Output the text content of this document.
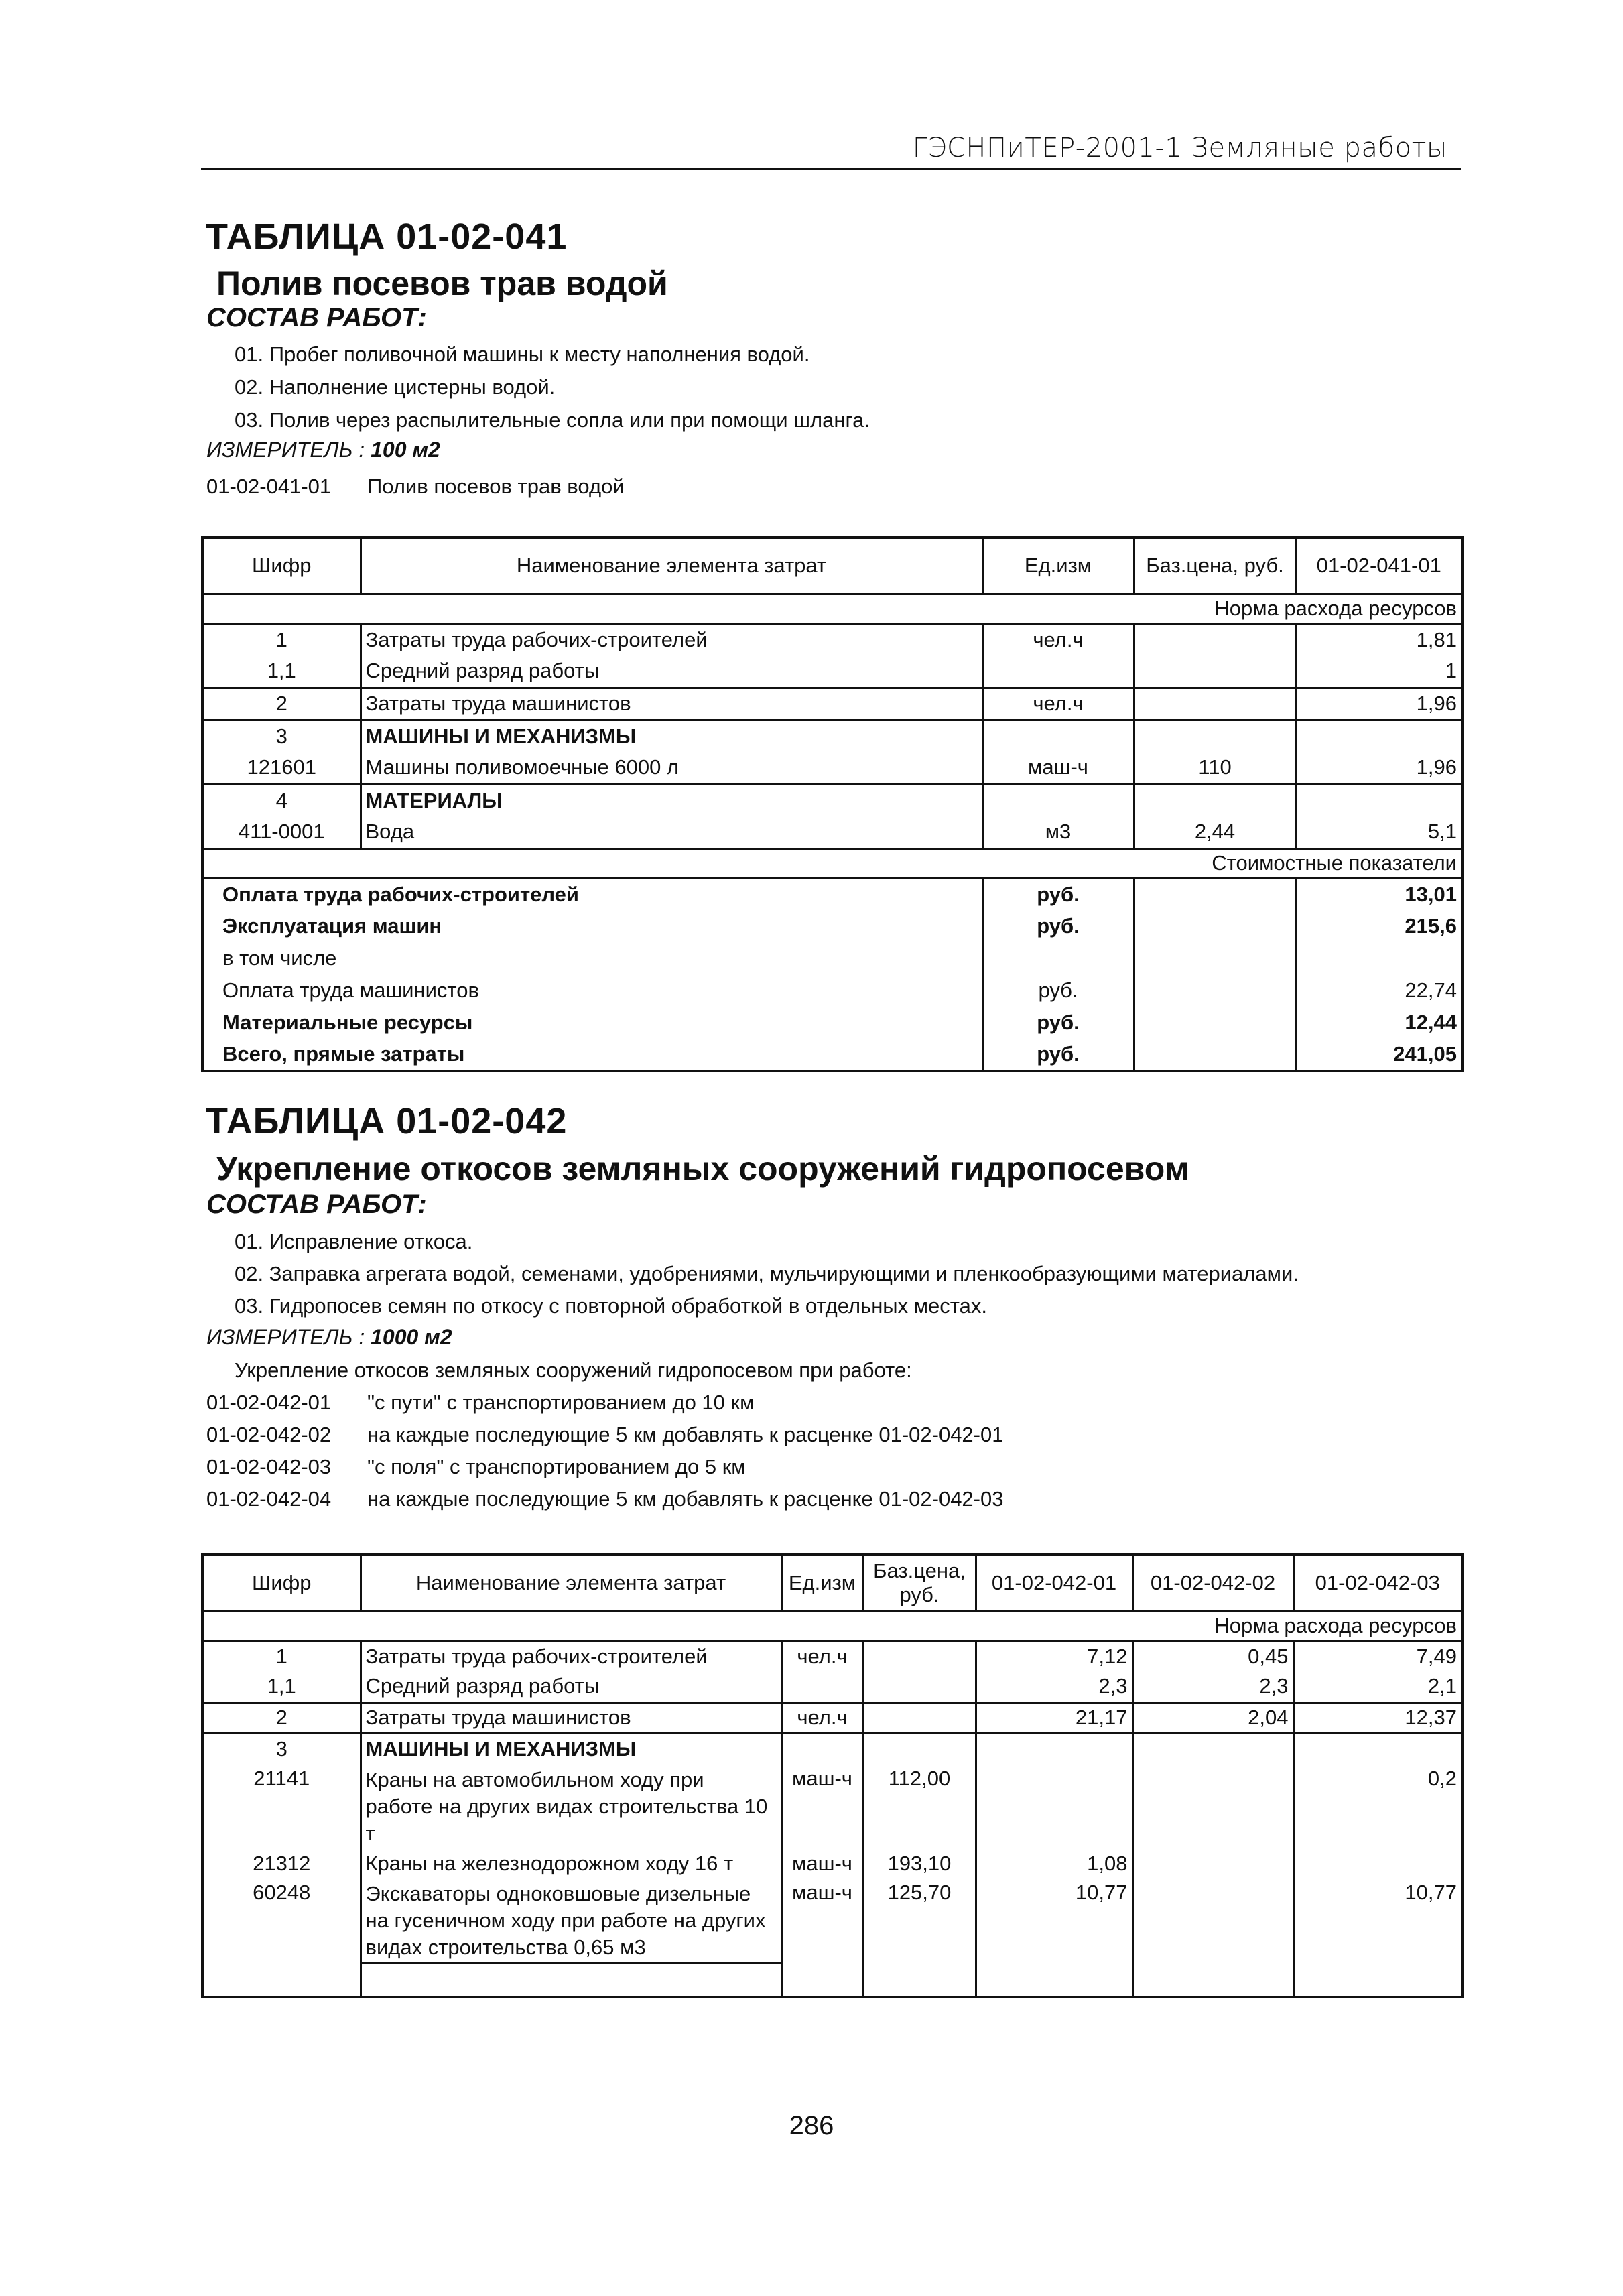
ГЭСНПиТЕР-2001-1 Земляные работы
ТАБЛИЦА 01-02-041
Полив посевов трав водой
СОСТАВ РАБОТ:
01. Пробег поливочной машины к месту наполнения водой.
02. Наполнение цистерны водой.
03. Полив через распылительные сопла или при помощи шланга.
ИЗМЕРИТЕЛЬ : 100 м2
01-02-041-01 Полив посевов трав водой
Шифр	Наименование элемента затрат	Ед.изм	Баз.цена, руб.	01-02-041-01
Норма расхода ресурсов				
1	Затраты труда рабочих-строителей	чел.ч		1,81
1,1	Средний разряд работы			1
2	Затраты труда машинистов	чел.ч		1,96
3	МАШИНЫ И МЕХАНИЗМЫ			
121601	Машины поливомоечные 6000 л	маш-ч	110	1,96
4	МАТЕРИАЛЫ			
411-0001	Вода	м3	2,44	5,1
Стоимостные показатели				
Оплата труда рабочих-строителей		руб.		13,01
Эксплуатация машин		руб.		215,6
в том числе				
Оплата труда машинистов		руб.		22,74
Материальные ресурсы		руб.		12,44
Всего, прямые затраты		руб.		241,05
ТАБЛИЦА 01-02-042
Укрепление откосов земляных сооружений гидропосевом
СОСТАВ РАБОТ:
01. Исправление откоса.
02. Заправка агрегата водой, семенами, удобрениями, мульчирующими и пленкообразующими материалами.
03. Гидропосев семян по откосу с повторной обработкой в отдельных местах.
ИЗМЕРИТЕЛЬ : 1000 м2
Укрепление откосов земляных сооружений гидропосевом при работе:
01-02-042-01 "с пути" с транспортированием до 10 км
01-02-042-02 на каждые последующие 5 км добавлять к расценке 01-02-042-01
01-02-042-03 "с поля" с транспортированием до 5 км
01-02-042-04 на каждые последующие 5 км добавлять к расценке 01-02-042-03
Шифр	Наименование элемента затрат	Ед.изм	Баз.цена,
руб.	01-02-042-01	01-02-042-02	01-02-042-03
Норма расхода ресурсов						
1	Затраты труда рабочих-строителей	чел.ч		7,12	0,45	7,49
1,1	Средний разряд работы			2,3	2,3	2,1
2	Затраты труда машинистов	чел.ч		21,17	2,04	12,37
3	МАШИНЫ И МЕХАНИЗМЫ					
21141	Краны на автомобильном ходу при работе на других видах строительства 10 т	маш-ч	112,00			0,2
21312	Краны на железнодорожном ходу 16 т	маш-ч	193,10	1,08		
60248	Экскаваторы одноковшовые дизельные на гусеничном ходу при работе на других видах строительства 0,65 м3	маш-ч	125,70	10,77		10,77

286
